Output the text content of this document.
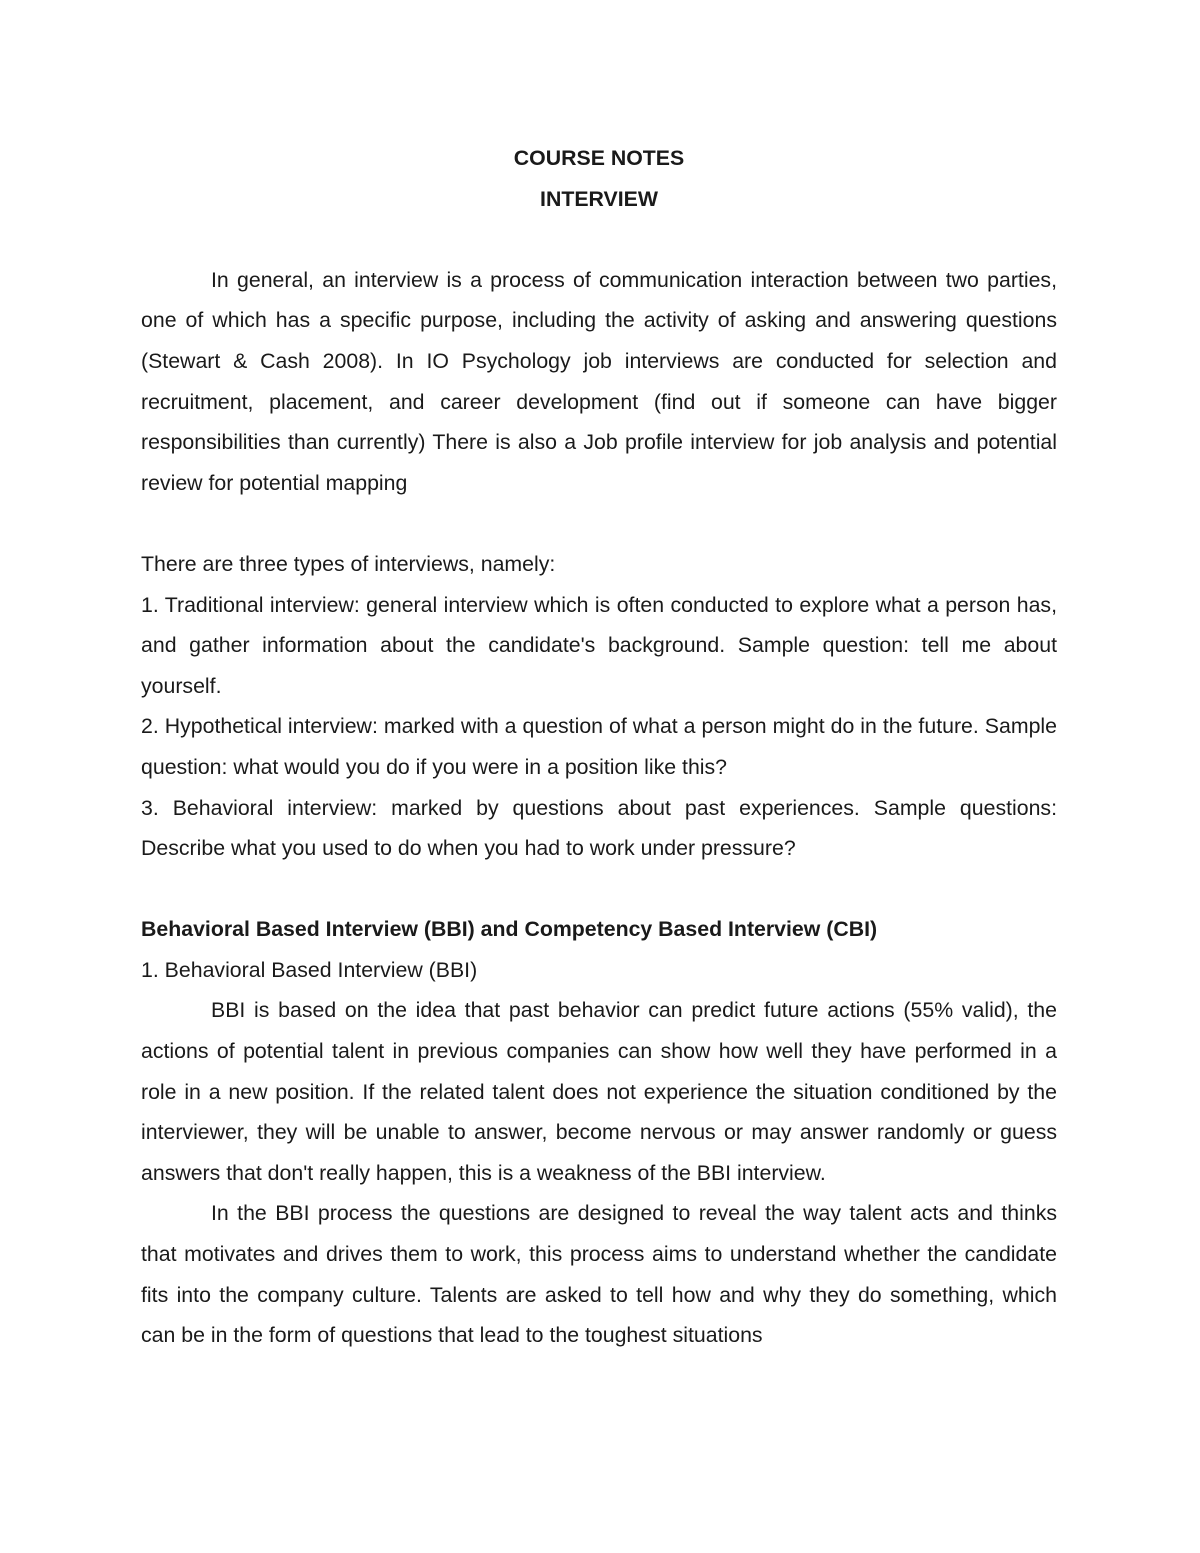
COURSE NOTES

INTERVIEW

In general, an interview is a process of communication interaction between two parties, one of which has a specific purpose, including the activity of asking and answering questions (Stewart & Cash 2008). In IO Psychology job interviews are conducted for selection and recruitment, placement, and career development (find out if someone can have bigger responsibilities than currently) There is also a Job profile interview for job analysis and potential review for potential mapping

There are three types of interviews, namely:

1. Traditional interview: general interview which is often conducted to explore what a person has, and gather information about the candidate's background. Sample question: tell me about yourself.

2. Hypothetical interview: marked with a question of what a person might do in the future. Sample question: what would you do if you were in a position like this?

3. Behavioral interview: marked by questions about past experiences. Sample questions: Describe what you used to do when you had to work under pressure?

Behavioral Based Interview (BBI) and Competency Based Interview (CBI)

1. Behavioral Based Interview (BBI)

BBI is based on the idea that past behavior can predict future actions (55% valid), the actions of potential talent in previous companies can show how well they have performed in a role in a new position. If the related talent does not experience the situation conditioned by the interviewer, they will be unable to answer, become nervous or may answer randomly or guess answers that don't really happen, this is a weakness of the BBI interview.

In the BBI process the questions are designed to reveal the way talent acts and thinks that motivates and drives them to work, this process aims to understand whether the candidate fits into the company culture. Talents are asked to tell how and why they do something, which can be in the form of questions that lead to the toughest situations
